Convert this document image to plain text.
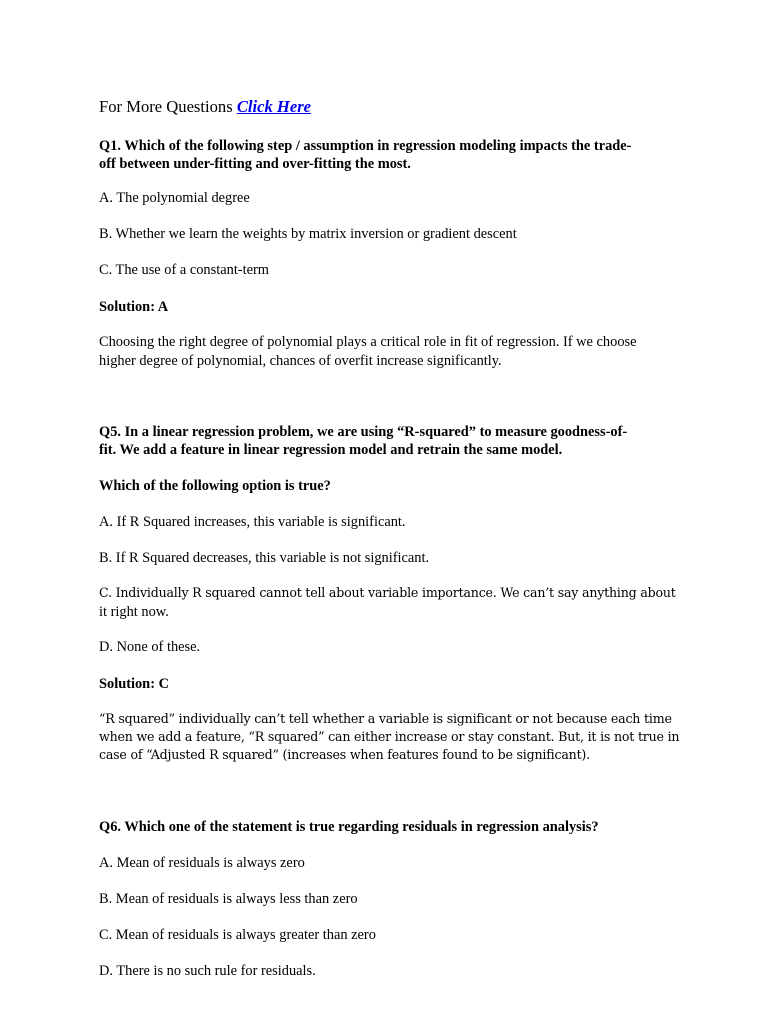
For More Questions Click Here
Q1. Which of the following step / assumption in regression modeling impacts the trade-
off between under-fitting and over-fitting the most.
A. The polynomial degree
B. Whether we learn the weights by matrix inversion or gradient descent
C. The use of a constant-term
Solution: A
Choosing the right degree of polynomial plays a critical role in fit of regression. If we choose
higher degree of polynomial, chances of overfit increase significantly.
Q5. In a linear regression problem, we are using “R-squared” to measure goodness-of-
fit. We add a feature in linear regression model and retrain the same model.
Which of the following option is true?
A. If R Squared increases, this variable is significant.
B. If R Squared decreases, this variable is not significant.
C. Individually R squared cannot tell about variable importance. We can’t say anything about
it right now.
D. None of these.
Solution: C
“R squared” individually can’t tell whether a variable is significant or not because each time
when we add a feature, “R squared” can either increase or stay constant. But, it is not true in
case of “Adjusted R squared” (increases when features found to be significant).
Q6. Which one of the statement is true regarding residuals in regression analysis?
A. Mean of residuals is always zero
B. Mean of residuals is always less than zero
C. Mean of residuals is always greater than zero
D. There is no such rule for residuals.
